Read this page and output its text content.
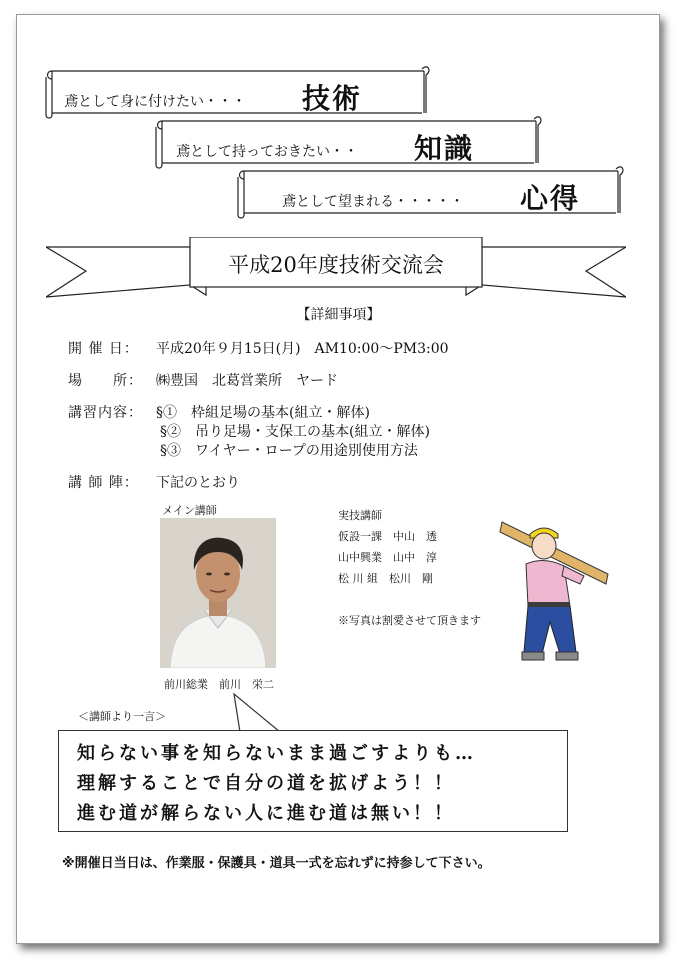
鳶として身に付けたい・・・ 技術
鳶として持っておきたい・・ 知識
鳶として望まれる・・・・・ 心得
平成20年度技術交流会
【詳細事項】
開 催 日： 平成20年９月15日(月)　AM10:00〜PM3:00
場　　所： ㈱豊国　北葛営業所　ヤード
講習内容： §①　枠組足場の基本(組立・解体)
§②　吊り足場・支保工の基本(組立・解体)
§③　ワイヤー・ロープの用途別使用方法
講 師 陣： 下記のとおり
メイン講師
前川総業　前川　栄二
実技講師
仮設一課　中山　透
山中興業　山中　淳
松 川 組　松川　剛
※写真は割愛させて頂きます
＜講師より一言＞
知らない事を知らないまま過ごすよりも…
理解することで自分の道を拡げよう！！
進む道が解らない人に進む道は無い！！
※開催日当日は、作業服・保護具・道具一式を忘れずに持参して下さい。
